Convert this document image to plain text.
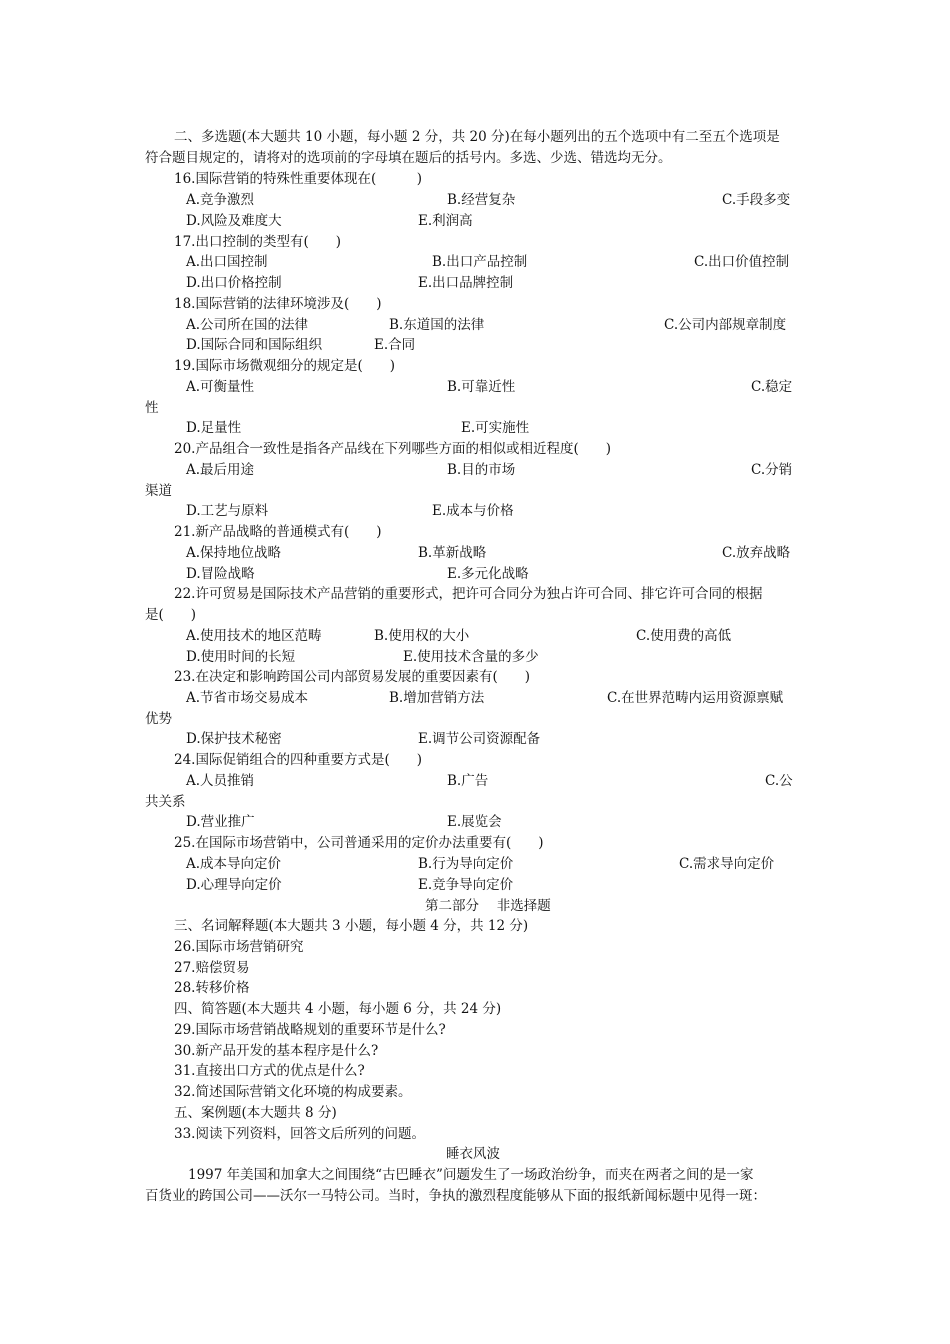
二、多选题(本大题共 10 小题，每小题 2 分，共 20 分)在每小题列出的五个选项中有二至五个选项是
符合题目规定的，请将对的选项前的字母填在题后的括号内。多选、少选、错选均无分。
16.国际营销的特殊性重要体现在(　　　)
A.竞争激烈	B.经营复杂	C.手段多变
D.风险及难度大	E.利润高
17.出口控制的类型有(　　)
A.出口国控制	B.出口产品控制	C.出口价值控制
D.出口价格控制	E.出口品牌控制
18.国际营销的法律环境涉及(　　)
A.公司所在国的法律	B.东道国的法律	C.公司内部规章制度
D.国际合同和国际组织	E.合同
19.国际市场微观细分的规定是(　　)
A.可衡量性	B.可靠近性	C.稳定
性
D.足量性	E.可实施性
20.产品组合一致性是指各产品线在下列哪些方面的相似或相近程度(　　)
A.最后用途	B.目的市场	C.分销
渠道
D.工艺与原料	E.成本与价格
21.新产品战略的普通模式有(　　)
A.保持地位战略	B.革新战略	C.放弃战略
D.冒险战略	E.多元化战略
22.许可贸易是国际技术产品营销的重要形式，把许可合同分为独占许可合同、排它许可合同的根据
是(　　)
A.使用技术的地区范畴	B.使用权的大小	C.使用费的高低
D.使用时间的长短	E.使用技术含量的多少
23.在决定和影响跨国公司内部贸易发展的重要因素有(　　)
A.节省市场交易成本	B.增加营销方法	C.在世界范畴内运用资源禀赋
优势
D.保护技术秘密	E.调节公司资源配备
24.国际促销组合的四种重要方式是(　　)
A.人员推销	B.广告	C.公
共关系
D.营业推广	E.展览会
25.在国际市场营销中，公司普通采用的定价办法重要有(　　)
A.成本导向定价	B.行为导向定价	C.需求导向定价
D.心理导向定价	E.竞争导向定价
第二部分　 非选择题
三、名词解释题(本大题共 3 小题，每小题 4 分，共 12 分)
26.国际市场营销研究
27.赔偿贸易
28.转移价格
四、简答题(本大题共 4 小题，每小题 6 分，共 24 分)
29.国际市场营销战略规划的重要环节是什么?
30.新产品开发的基本程序是什么?
31.直接出口方式的优点是什么?
32.简述国际营销文化环境的构成要素。
五、案例题(本大题共 8 分)
33.阅读下列资料，回答文后所列的问题。
睡衣风波
1997 年美国和加拿大之间围绕“古巴睡衣”问题发生了一场政治纷争，而夹在两者之间的是一家
百货业的跨国公司——沃尔一马特公司。当时，争执的激烈程度能够从下面的报纸新闻标题中见得一斑：
